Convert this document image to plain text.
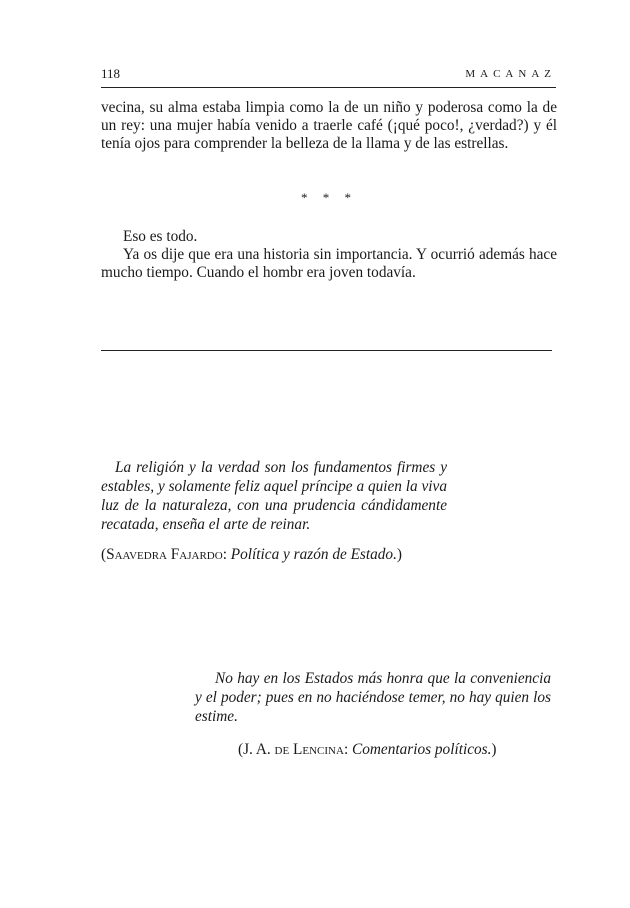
118	MACANAZ

vecina, su alma estaba limpia como la de un niño y poderosa como la de un rey: una mujer había venido a traerle café (¡qué poco!, ¿verdad?) y él tenía ojos para comprender la belleza de la llama y de las estrellas.

* * *

Eso es todo.

Ya os dije que era una historia sin importancia. Y ocurrió además hace mucho tiempo. Cuando el hombr era joven todavía.

La religión y la verdad son los fundamentos firmes y estables, y solamente feliz aquel príncipe a quien la viva luz de la naturaleza, con una prudencia cándidamente recatada, enseña el arte de reinar.

(Saavedra Fajardo: Política y razón de Estado.)

No hay en los Estados más honra que la conveniencia y el poder; pues en no haciéndose temer, no hay quien los estime.

(J. A. de Lencina: Comentarios políticos.)
